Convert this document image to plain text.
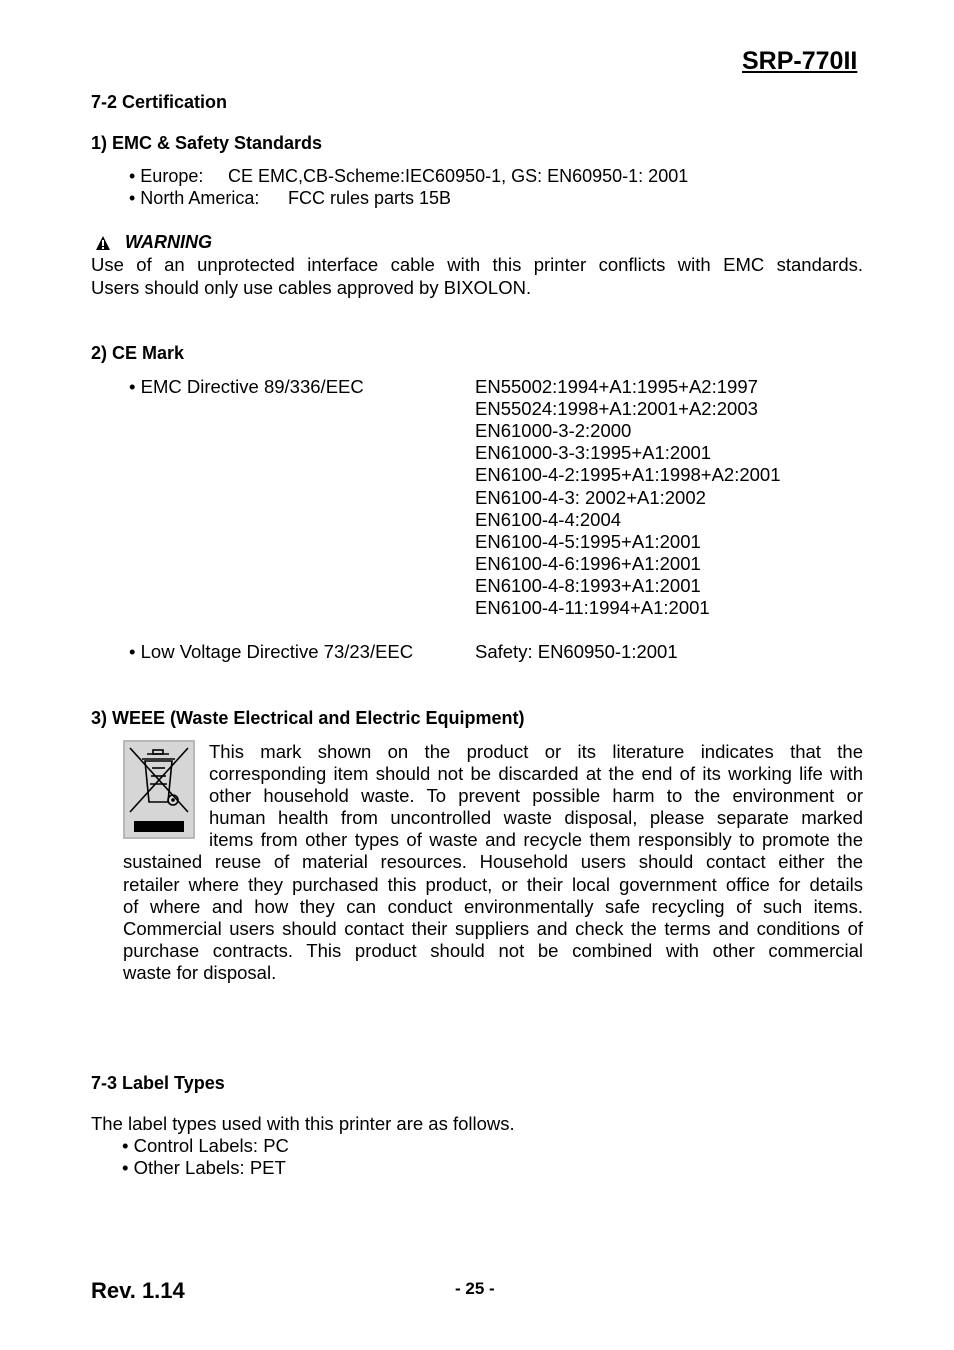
SRP-770II
7-2 Certification
1) EMC & Safety Standards
• Europe: CE EMC,CB-Scheme:IEC60950-1, GS: EN60950-1: 2001
• North America: FCC rules parts 15B
WARNING
Use of an unprotected interface cable with this printer conflicts with EMC standards.
Users should only use cables approved by BIXOLON.
2) CE Mark
• EMC Directive 89/336/EEC	EN55002:1994+A1:1995+A2:1997
EN55024:1998+A1:2001+A2:2003
EN61000-3-2:2000
EN61000-3-3:1995+A1:2001
EN6100-4-2:1995+A1:1998+A2:2001
EN6100-4-3: 2002+A1:2002
EN6100-4-4:2004
EN6100-4-5:1995+A1:2001
EN6100-4-6:1996+A1:2001
EN6100-4-8:1993+A1:2001
EN6100-4-11:1994+A1:2001
• Low Voltage Directive 73/23/EEC	Safety: EN60950-1:2001
3) WEEE (Waste Electrical and Electric Equipment)
This mark shown on the product or its literature indicates that the
corresponding item should not be discarded at the end of its working life with
other household waste. To prevent possible harm to the environment or
human health from uncontrolled waste disposal, please separate marked
items from other types of waste and recycle them responsibly to promote the
sustained reuse of material resources. Household users should contact either the
retailer where they purchased this product, or their local government office for details
of where and how they can conduct environmentally safe recycling of such items.
Commercial users should contact their suppliers and check the terms and conditions of
purchase contracts. This product should not be combined with other commercial
waste for disposal.
7-3 Label Types
The label types used with this printer are as follows.
• Control Labels: PC
• Other Labels: PET
Rev. 1.14	- 25 -
